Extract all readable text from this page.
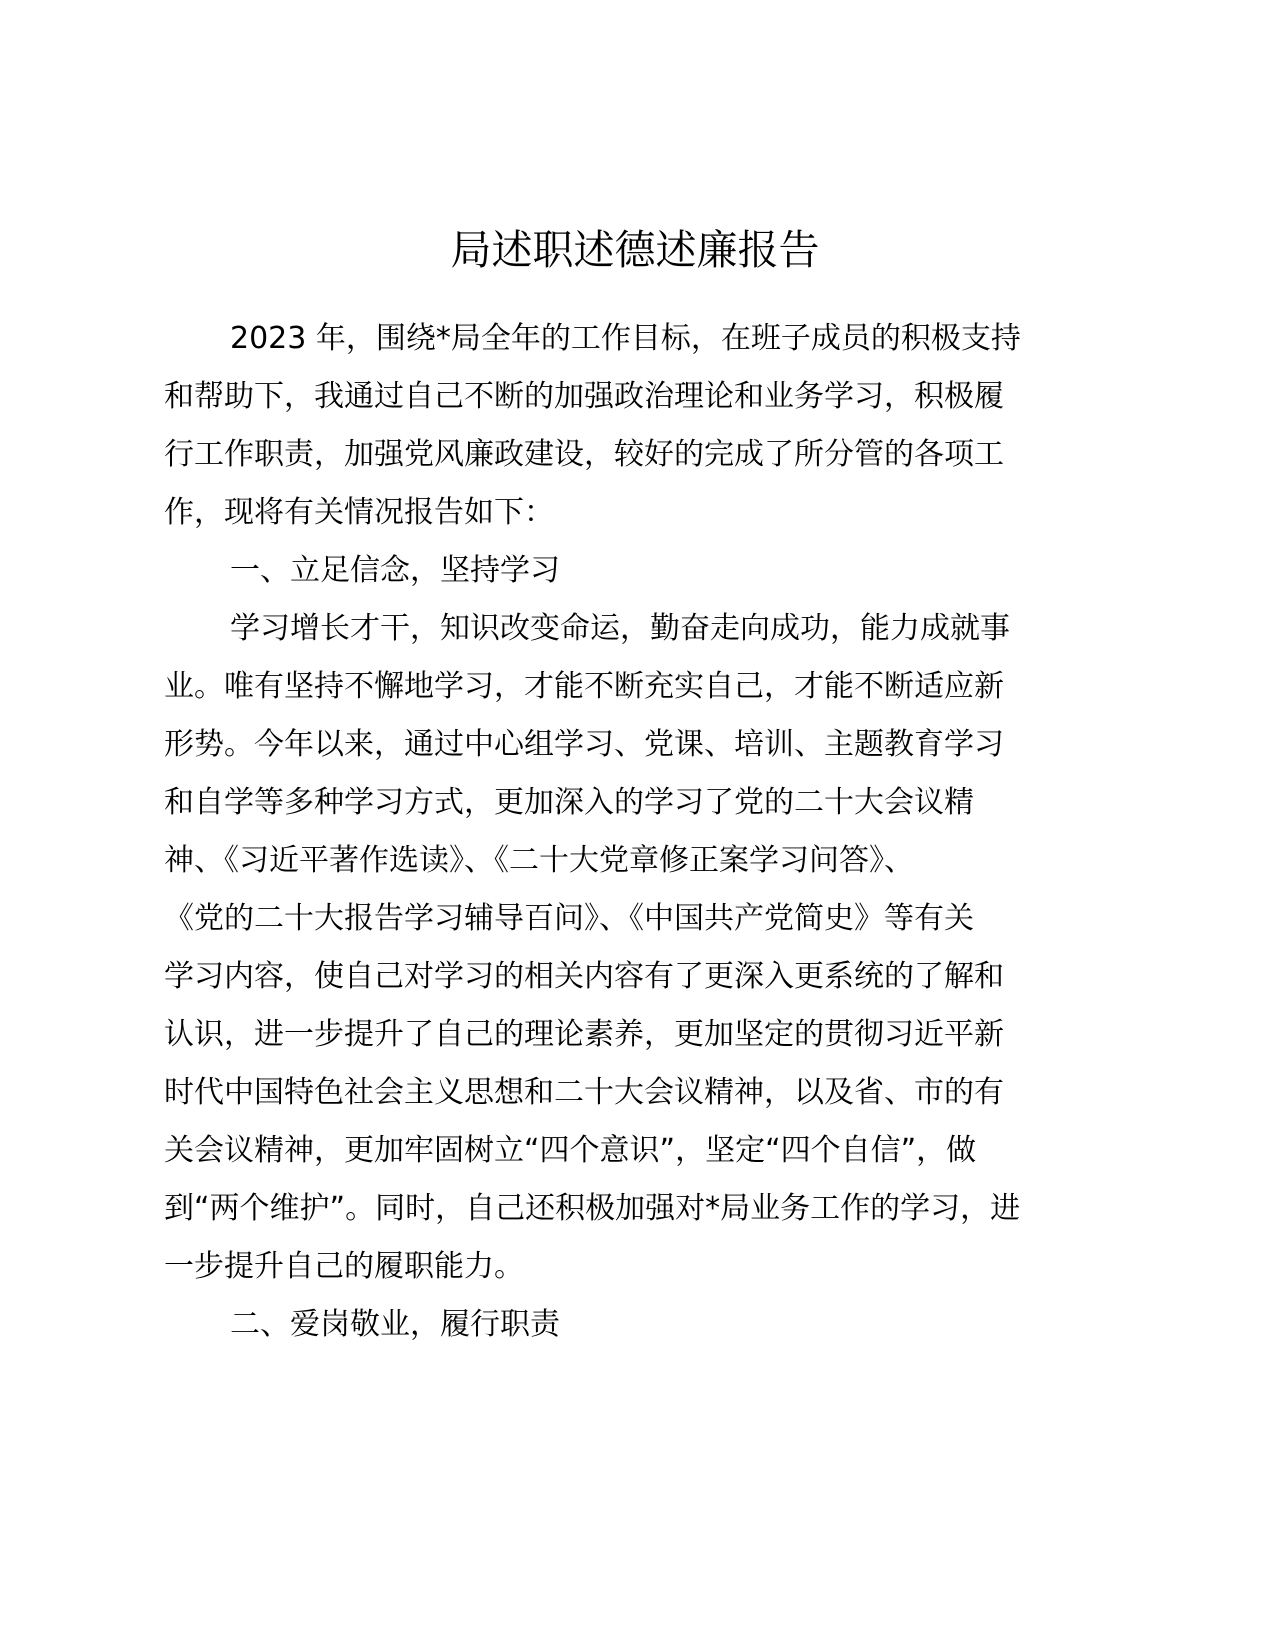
局述职述德述廉报告
2023 年，围绕*局全年的工作目标，在班子成员的积极支持
和帮助下，我通过自己不断的加强政治理论和业务学习，积极履
行工作职责，加强党风廉政建设，较好的完成了所分管的各项工
作，现将有关情况报告如下：
一、立足信念，坚持学习
学习增长才干，知识改变命运，勤奋走向成功，能力成就事
业。唯有坚持不懈地学习，才能不断充实自己，才能不断适应新
形势。今年以来，通过中心组学习、党课、培训、主题教育学习
和自学等多种学习方式，更加深入的学习了党的二十大会议精
神、《习近平著作选读》、《二十大党章修正案学习问答》、
《党的二十大报告学习辅导百问》、《中国共产党简史》等有关
学习内容，使自己对学习的相关内容有了更深入更系统的了解和
认识，进一步提升了自己的理论素养，更加坚定的贯彻习近平新
时代中国特色社会主义思想和二十大会议精神，以及省、市的有
关会议精神，更加牢固树立“四个意识”，坚定“四个自信”，做
到“两个维护”。同时，自己还积极加强对*局业务工作的学习，进
一步提升自己的履职能力。
二、爱岗敬业，履行职责
